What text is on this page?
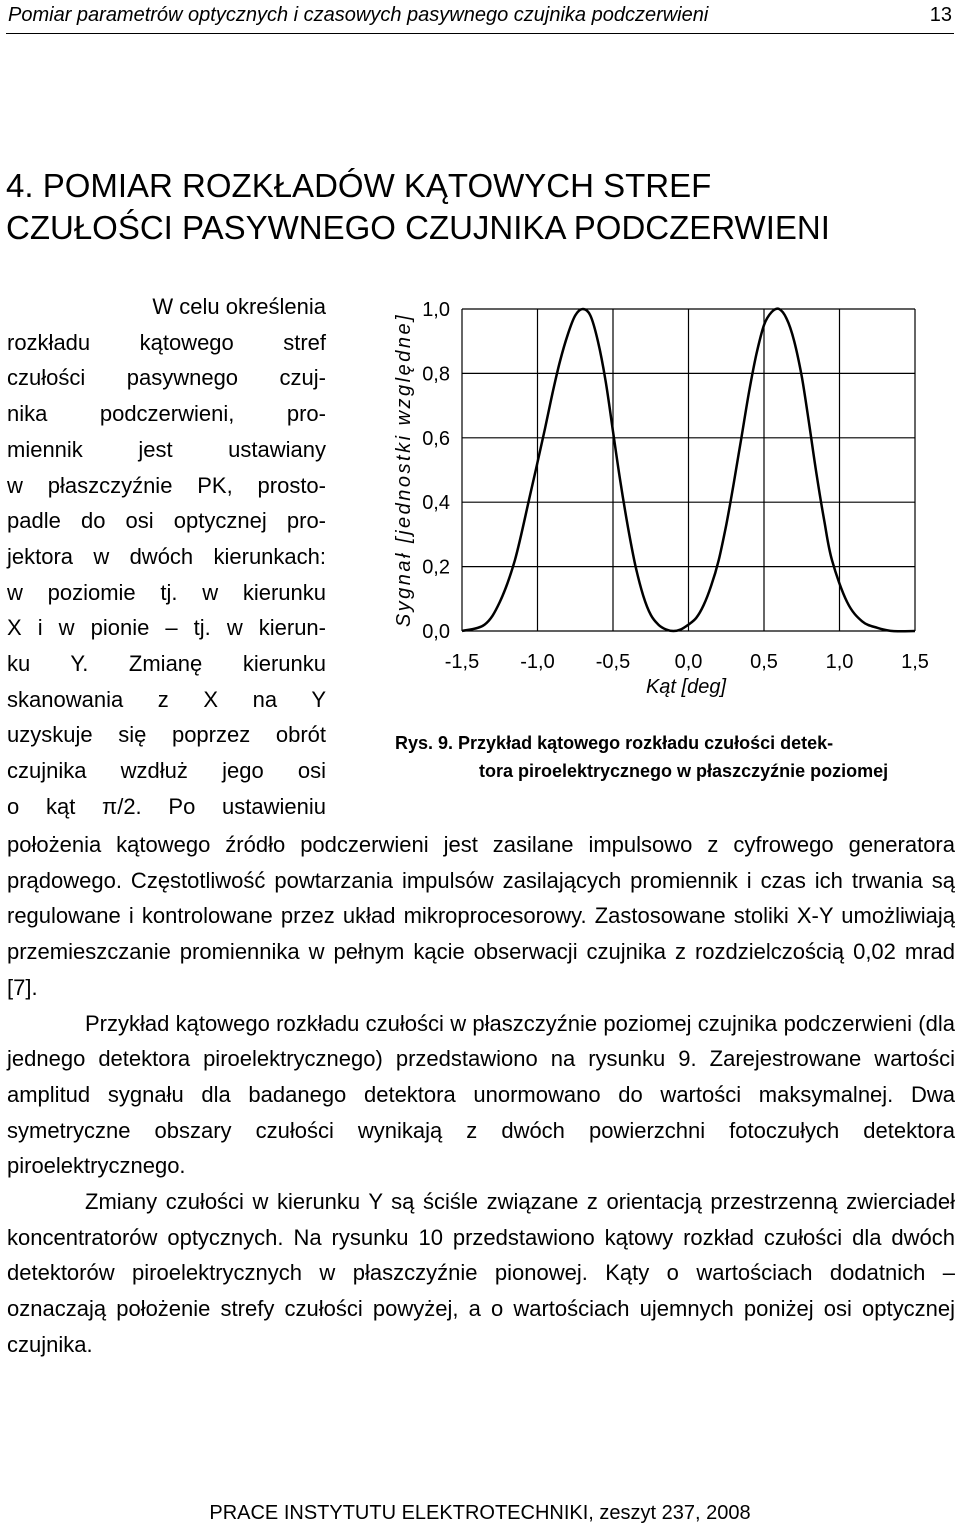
Pomiar parametrów optycznych i czasowych pasywnego czujnika podczerwieni	13
4. POMIAR ROZKŁADÓW KĄTOWYCH STREF
CZUŁOŚCI PASYWNEGO CZUJNIKA PODCZERWIENI

W celu określenia
rozkładu kątowego stref
czułości pasywnego czuj-
nika podczerwieni, pro-
miennik jest ustawiany
w płaszczyźnie PK, prosto-
padle do osi optycznej pro-
jektora w dwóch kierunkach:
w poziomie tj. w kierunku
X i w pionie – tj. w kierun-
ku Y. Zmianę kierunku
skanowania z X na Y
uzyskuje się poprzez obrót
czujnika wzdłuż jego osi
o kąt π/2. Po ustawieniu

-1,5 -1,0 -0,5 0,0 0,5 1,0 1,5
0,0
0,2
0,4
0,6
0,8
1,0
Sygnał [jednostki względne]
Kąt [deg]
Rys. 9. Przykład kątowego rozkładu czułości detek-
tora piroelektrycznego w płaszczyźnie poziomej

położenia kątowego źródło podczerwieni jest zasilane impulsowo z cyfrowego generatora prądowego. Częstotliwość powtarzania impulsów zasilających promiennik i czas ich trwania są regulowane i kontrolowane przez układ mikroprocesorowy. Zastosowane stoliki X-Y umożliwiają przemieszczanie promiennika w pełnym kącie obserwacji czujnika z rozdzielczością 0,02 mrad [7].

Przykład kątowego rozkładu czułości w płaszczyźnie poziomej czujnika podczerwieni (dla jednego detektora piroelektrycznego) przedstawiono na rysunku 9. Zarejestrowane wartości amplitud sygnału dla badanego detektora unormowano do wartości maksymalnej. Dwa symetryczne obszary czułości wynikają z dwóch powierzchni fotoczułych detektora piroelektrycznego.

Zmiany czułości w kierunku Y są ściśle związane z orientacją przestrzenną zwierciadeł koncentratorów optycznych. Na rysunku 10 przedstawiono kątowy rozkład czułości dla dwóch detektorów piroelektrycznych w płaszczyźnie pionowej. Kąty o wartościach dodatnich – oznaczają położenie strefy czułości powyżej, a o wartościach ujemnych poniżej osi optycznej czujnika.

PRACE INSTYTUTU ELEKTROTECHNIKI, zeszyt 237, 2008
